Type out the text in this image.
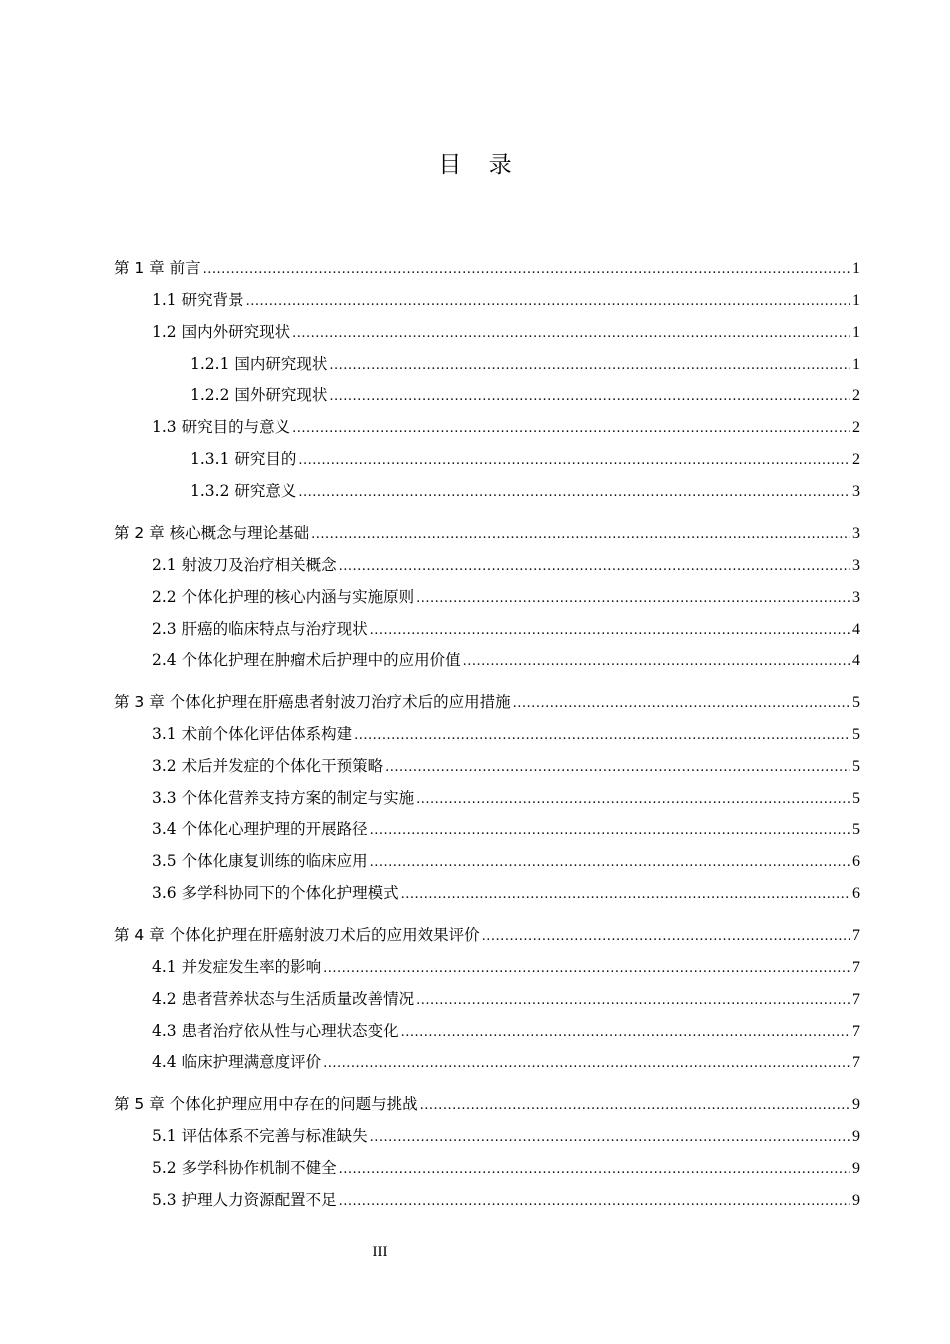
目 录
第 1 章 前言 .....	1
1.1 研究背景 .....	1
1.2 国内外研究现状 .....	1
1.2.1 国内研究现状 .....	1
1.2.2 国外研究现状 .....	2
1.3 研究目的与意义 .....	2
1.3.1 研究目的 .....	2
1.3.2 研究意义 .....	3
第 2 章 核心概念与理论基础 .....	3
2.1 射波刀及治疗相关概念 .....	3
2.2 个体化护理的核心内涵与实施原则 .....	3
2.3 肝癌的临床特点与治疗现状 .....	4
2.4 个体化护理在肿瘤术后护理中的应用价值 .....	4
第 3 章 个体化护理在肝癌患者射波刀治疗术后的应用措施 .....	5
3.1 术前个体化评估体系构建 .....	5
3.2 术后并发症的个体化干预策略 .....	5
3.3 个体化营养支持方案的制定与实施 .....	5
3.4 个体化心理护理的开展路径 .....	5
3.5 个体化康复训练的临床应用 .....	6
3.6 多学科协同下的个体化护理模式 .....	6
第 4 章 个体化护理在肝癌射波刀术后的应用效果评价 .....	7
4.1 并发症发生率的影响 .....	7
4.2 患者营养状态与生活质量改善情况 .....	7
4.3 患者治疗依从性与心理状态变化 .....	7
4.4 临床护理满意度评价 .....	7
第 5 章 个体化护理应用中存在的问题与挑战 .....	9
5.1 评估体系不完善与标准缺失 .....	9
5.2 多学科协作机制不健全 .....	9
5.3 护理人力资源配置不足 .....	9
III
